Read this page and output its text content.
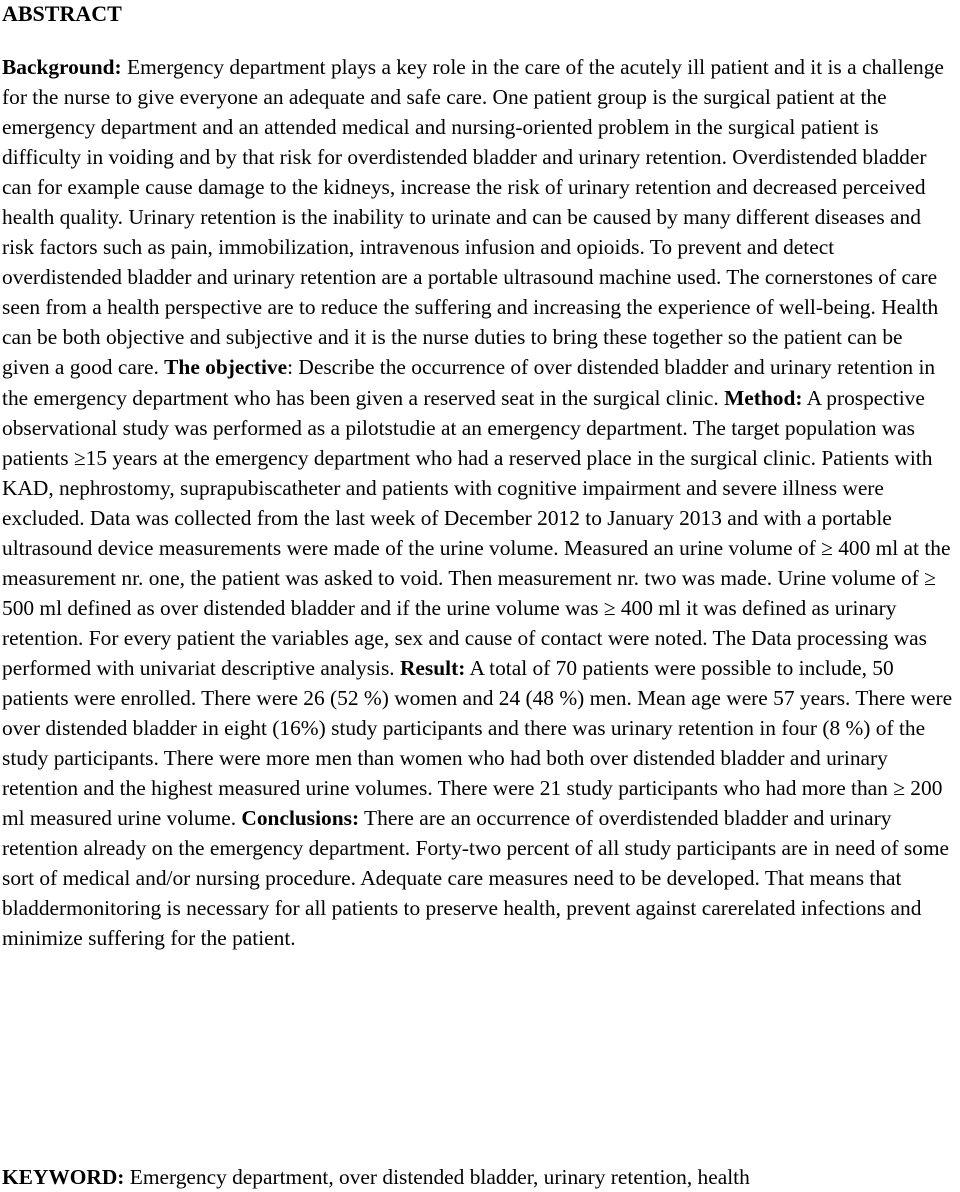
ABSTRACT

Background: Emergency department plays a key role in the care of the acutely ill patient and it is a challenge for the nurse to give everyone an adequate and safe care. One patient group is the surgical patient at the emergency department and an attended medical and nursing-oriented problem in the surgical patient is difficulty in voiding and by that risk for overdistended bladder and urinary retention. Overdistended bladder can for example cause damage to the kidneys, increase the risk of urinary retention and decreased perceived health quality. Urinary retention is the inability to urinate and can be caused by many different diseases and risk factors such as pain, immobilization, intravenous infusion and opioids. To prevent and detect overdistended bladder and urinary retention are a portable ultrasound machine used. The cornerstones of care seen from a health perspective are to reduce the suffering and increasing the experience of well-being. Health can be both objective and subjective and it is the nurse duties to bring these together so the patient can be given a good care. The objective: Describe the occurrence of over distended bladder and urinary retention in the emergency department who has been given a reserved seat in the surgical clinic. Method: A prospective observational study was performed as a pilotstudie at an emergency department. The target population was patients ≥15 years at the emergency department who had a reserved place in the surgical clinic. Patients with KAD, nephrostomy, suprapubiscatheter and patients with cognitive impairment and severe illness were excluded. Data was collected from the last week of December 2012 to January 2013 and with a portable ultrasound device measurements were made of the urine volume. Measured an urine volume of ≥ 400 ml at the measurement nr. one, the patient was asked to void. Then measurement nr. two was made. Urine volume of ≥ 500 ml defined as over distended bladder and if the urine volume was ≥ 400 ml it was defined as urinary retention. For every patient the variables age, sex and cause of contact were noted. The Data processing was performed with univariat descriptive analysis. Result: A total of 70 patients were possible to include, 50 patients were enrolled. There were 26 (52 %) women and 24 (48 %) men. Mean age were 57 years. There were over distended bladder in eight (16%) study participants and there was urinary retention in four (8 %) of the study participants. There were more men than women who had both over distended bladder and urinary retention and the highest measured urine volumes. There were 21 study participants who had more than ≥ 200 ml measured urine volume. Conclusions: There are an occurrence of overdistended bladder and urinary retention already on the emergency department. Forty-two percent of all study participants are in need of some sort of medical and/or nursing procedure. Adequate care measures need to be developed. That means that bladdermonitoring is necessary for all patients to preserve health, prevent against carerelated infections and minimize suffering for the patient.

KEYWORD: Emergency department, over distended bladder, urinary retention, health
